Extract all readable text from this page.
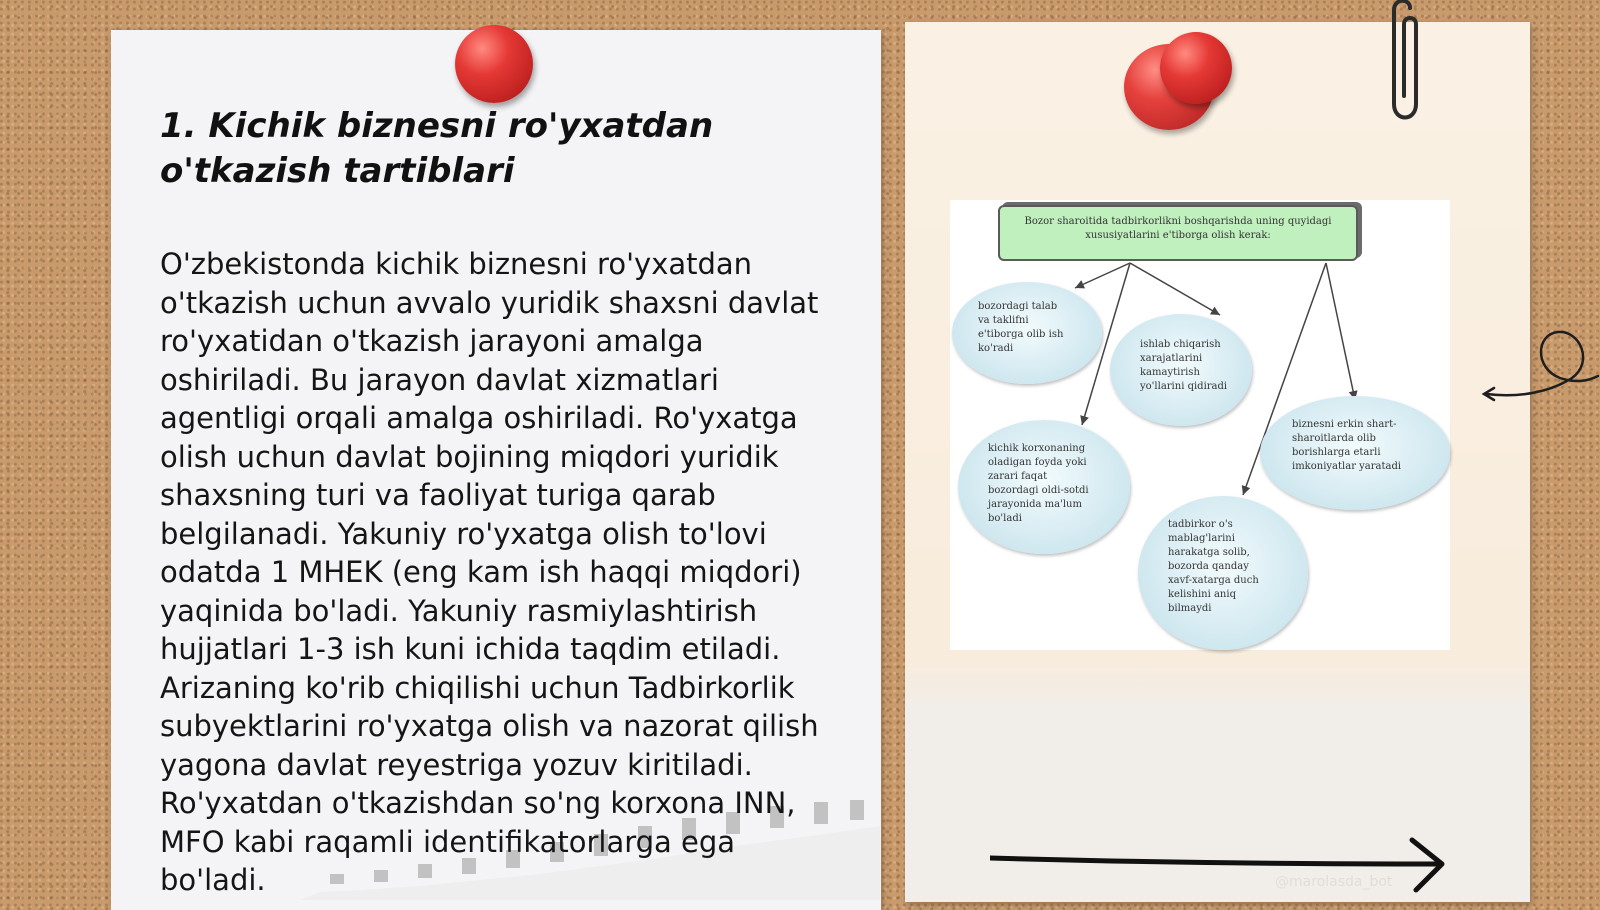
1. Kichik biznesni ro'yxatdan o'tkazish tartiblari
O'zbekistonda kichik biznesni ro'yxatdan
o'tkazish uchun avvalo yuridik shaxsni davlat
ro'yxatidan o'tkazish jarayoni amalga
oshiriladi. Bu jarayon davlat xizmatlari
agentligi orqali amalga oshiriladi. Ro'yxatga
olish uchun davlat bojining miqdori yuridik
shaxsning turi va faoliyat turiga qarab
belgilanadi. Yakuniy ro'yxatga olish to'lovi
odatda 1 MHEK (eng kam ish haqqi miqdori)
yaqinida bo'ladi. Yakuniy rasmiylashtirish
hujjatlari 1-3 ish kuni ichida taqdim etiladi.
Arizaning ko'rib chiqilishi uchun Tadbirkorlik
subyektlarini ro'yxatga olish va nazorat qilish
yagona davlat reyestriga yozuv kiritiladi.
Ro'yxatdan o'tkazishdan so'ng korxona INN,
MFO kabi raqamli identifikatorlarga ega
bo'ladi.
Bozor sharoitida tadbirkorlikni boshqarishda uning quyidagi xususiyatlarini e'tiborga olish kerak:
bozordagi talab
va taklifni
e'tiborga olib ish
ko'radi	ishlab chiqarish
xarajatlarini
kamaytirish
yo'llarini qidiradi
kichik korxonaning
oladigan foyda yoki
zarari faqat
bozordagi oldi-sotdi
jarayonida ma'lum
bo'ladi
biznesni erkin shart-
sharoitlarda olib
borishlarga etarli
imkoniyatlar yaratadi
tadbirkor o's
mablag'larini
harakatga solib,
bozorda qanday
xavf-xatarga duch
kelishini aniq
bilmaydi
@marolasda_bot
